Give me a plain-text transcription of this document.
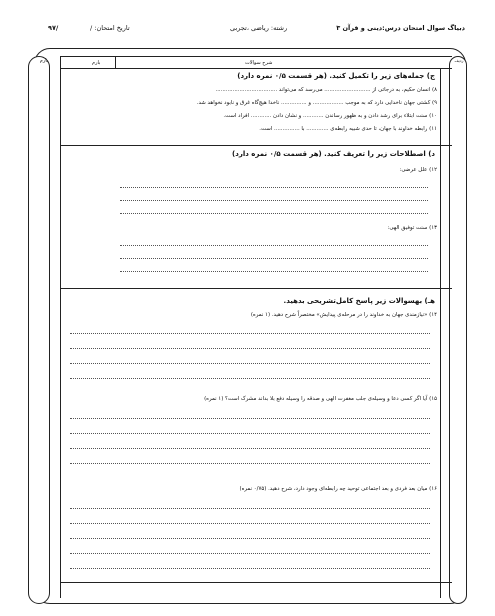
دبیاگ سوال امتحان درس:دینی و قرآن ۳
رشته: ریاضی ،تجربی
تاریخ امتحان: /
۹۷/
بارم	بارم	شرح سوالات	ردیف
ج) جمله‌های زیر را تکمیل کنید. (هر قسمت ۰/۵ نمره دارد)
۸) انسان حکیم، به درجاتی از ........................... می‌رسد که می‌تواند ....................................
۹) کشتی جهان ناخدایی دارد که به موجب .................. و ............... ناخدا هیچ‌گاه غرق و نابود نخواهد شد.
۱۰) سنت ابتلاء برای رشد دادن و به ظهور رساندن ............ و نشان دادن ............ افراد است.
۱۱) رابطه خداوند با جهان، تا حدی شبیه رابطه‌ی ............. با ............... است.
د) اصطلاحات زیر را تعریف کنید. (هر قسمت ۰/۵ نمره دارد)
۱۲) علل عرضی:
۱۳) سنت توفیق الهی:
هـ) بهسوالات زیر پاسخ کامل‌تشریحی بدهید.
۱۴) «نیازمندی جهان به خداوند را در مرحله‌ی پیدایش» مختصراً شرح دهید. (۱ نمره)
۱۵) آیا اگر کسی دعا و وسیله‌ی جلب مغفرت الهی و صدقه را وسیله دفع بلا بداند مشرک است؟ (۱ نمره)
۱۶) میان بعد فردی و بعد اجتماعی توحید چه رابطه‌ای وجود دارد، شرح دهید. (۰/۷۵ نمره)
